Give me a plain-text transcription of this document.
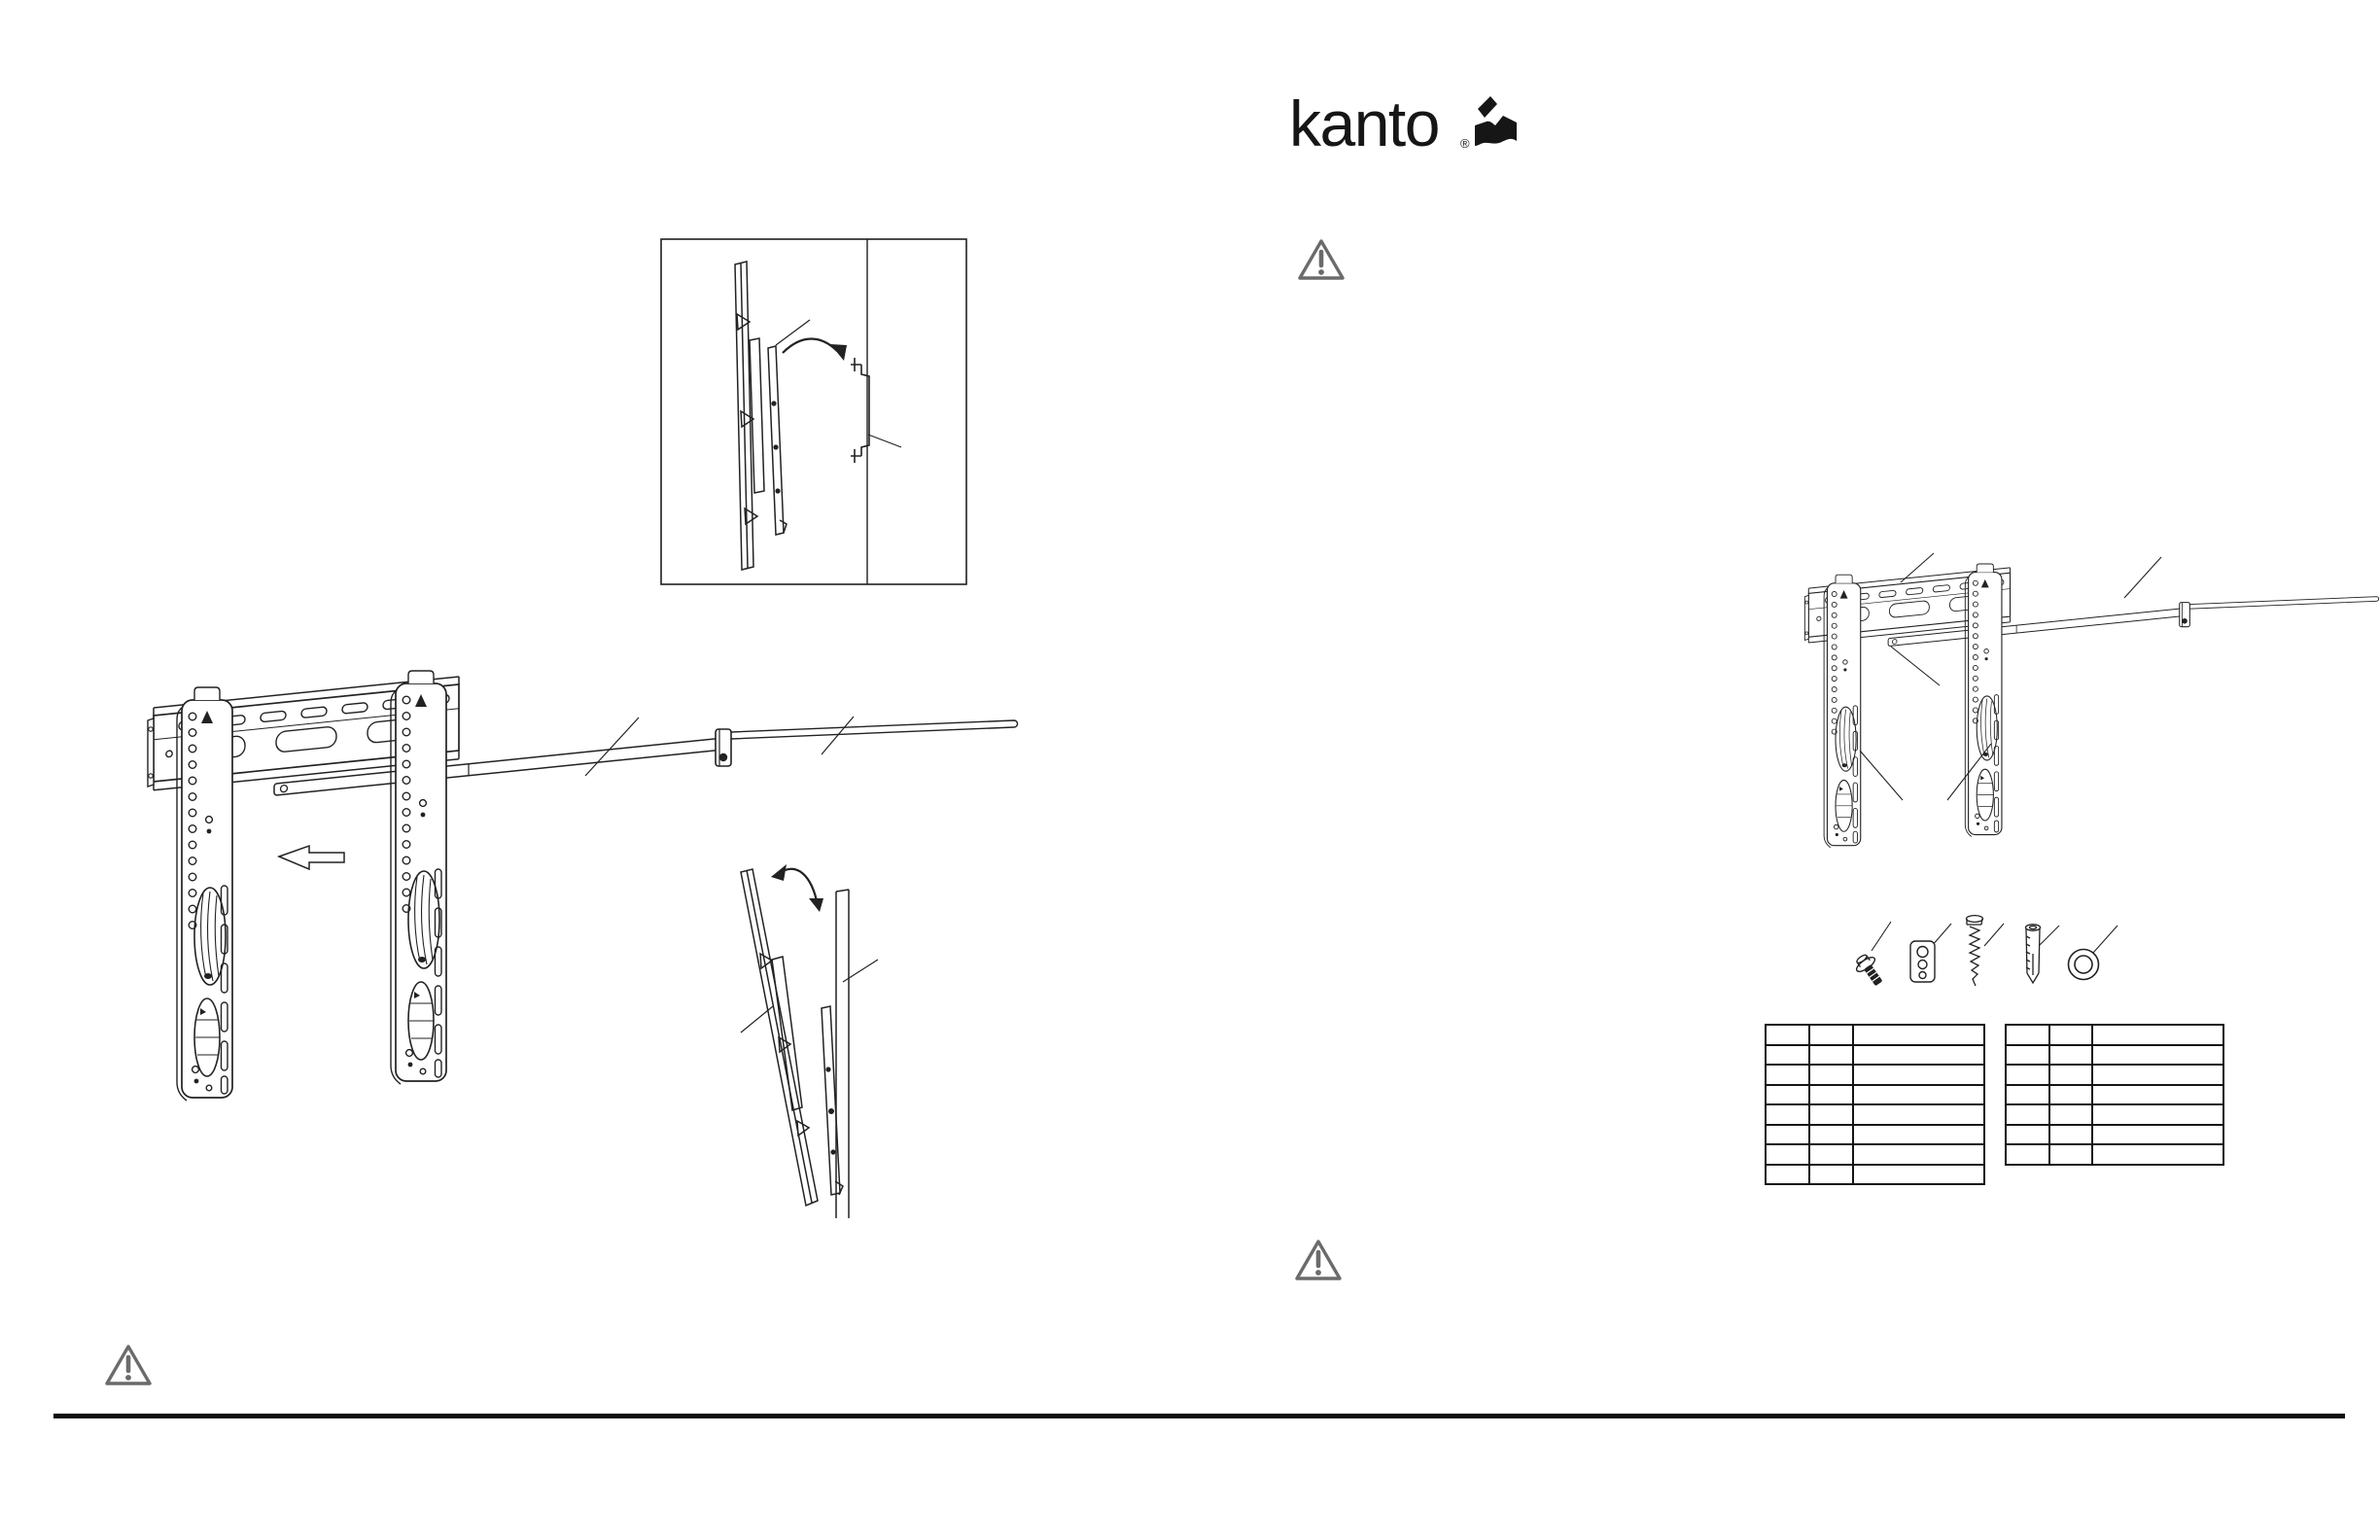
kanto ®
